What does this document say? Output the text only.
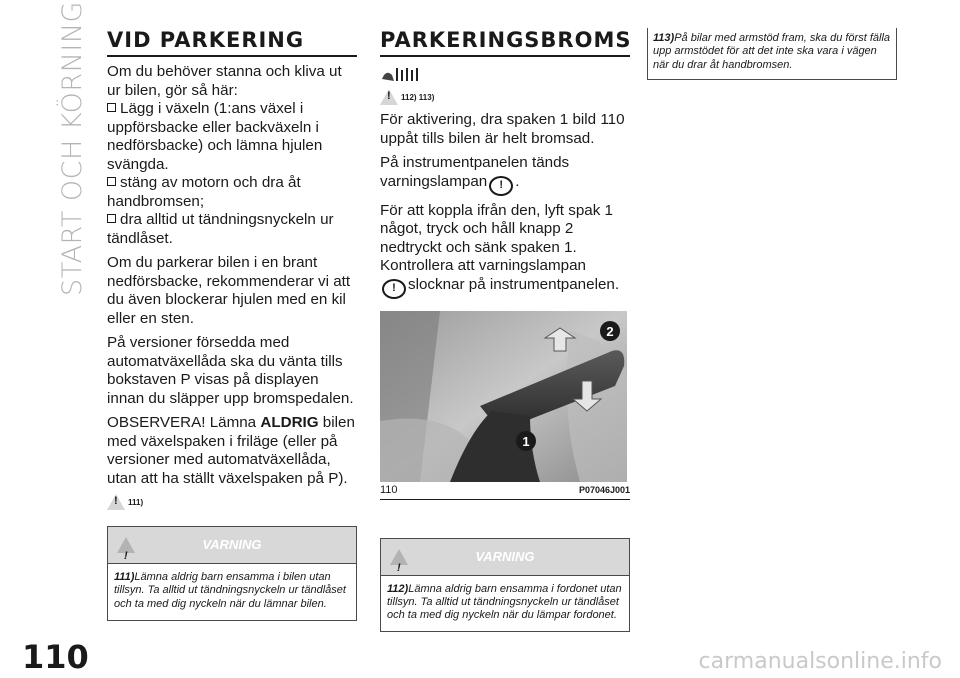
START OCH KÖRNING VID PARKERING

Om du behöver stanna och kliva ut ur bilen, gör så här:

Lägg i växeln (1:ans växel i uppförsbacke eller backväxeln i nedförsbacke) och lämna hjulen svängda.

stäng av motorn och dra åt handbromsen;

dra alltid ut tändningsnyckeln ur tändlåset.

Om du parkerar bilen i en brant nedförsbacke, rekommenderar vi att du även blockerar hjulen med en kil eller en sten.

På versioner försedda med automatväxellåda ska du vänta tills bokstaven P visas på displayen innan du släpper upp bromspedalen.

OBSERVERA! Lämna ALDRIG bilen med växelspaken i friläge (eller på versioner med automatväxellåda, utan att ha ställt växelspaken på P).

!
111)
!
VARNING
111)Lämna aldrig barn ensamma i bilen utan tillsyn. Ta alltid ut tändningsnyckeln ur tändlåset och ta med dig nyckeln när du lämnar bilen.
PARKERINGSBROMS
!
112) 113)

För aktivering, dra spaken 1 bild 110 uppåt tills bilen är helt bromsad.

På instrumentpanelen tänds varningslampan ! .

För att koppla ifrån den, lyft spak 1 något, tryck och håll knapp 2 nedtryckt och sänk spaken 1.

Kontrollera att varningslampan
! slocknar på instrumentpanelen.

2
1
110	P07046J001
!
VARNING
112)Lämna aldrig barn ensamma i fordonet utan tillsyn. Ta alltid ut tändningsnyckeln ur tändlåset och ta med dig nyckeln när du lämpar fordonet.
113)På bilar med armstöd fram, ska du först fälla upp armstödet för att det inte ska vara i vägen när du drar åt handbromsen.
110	carmanualsonline.info
